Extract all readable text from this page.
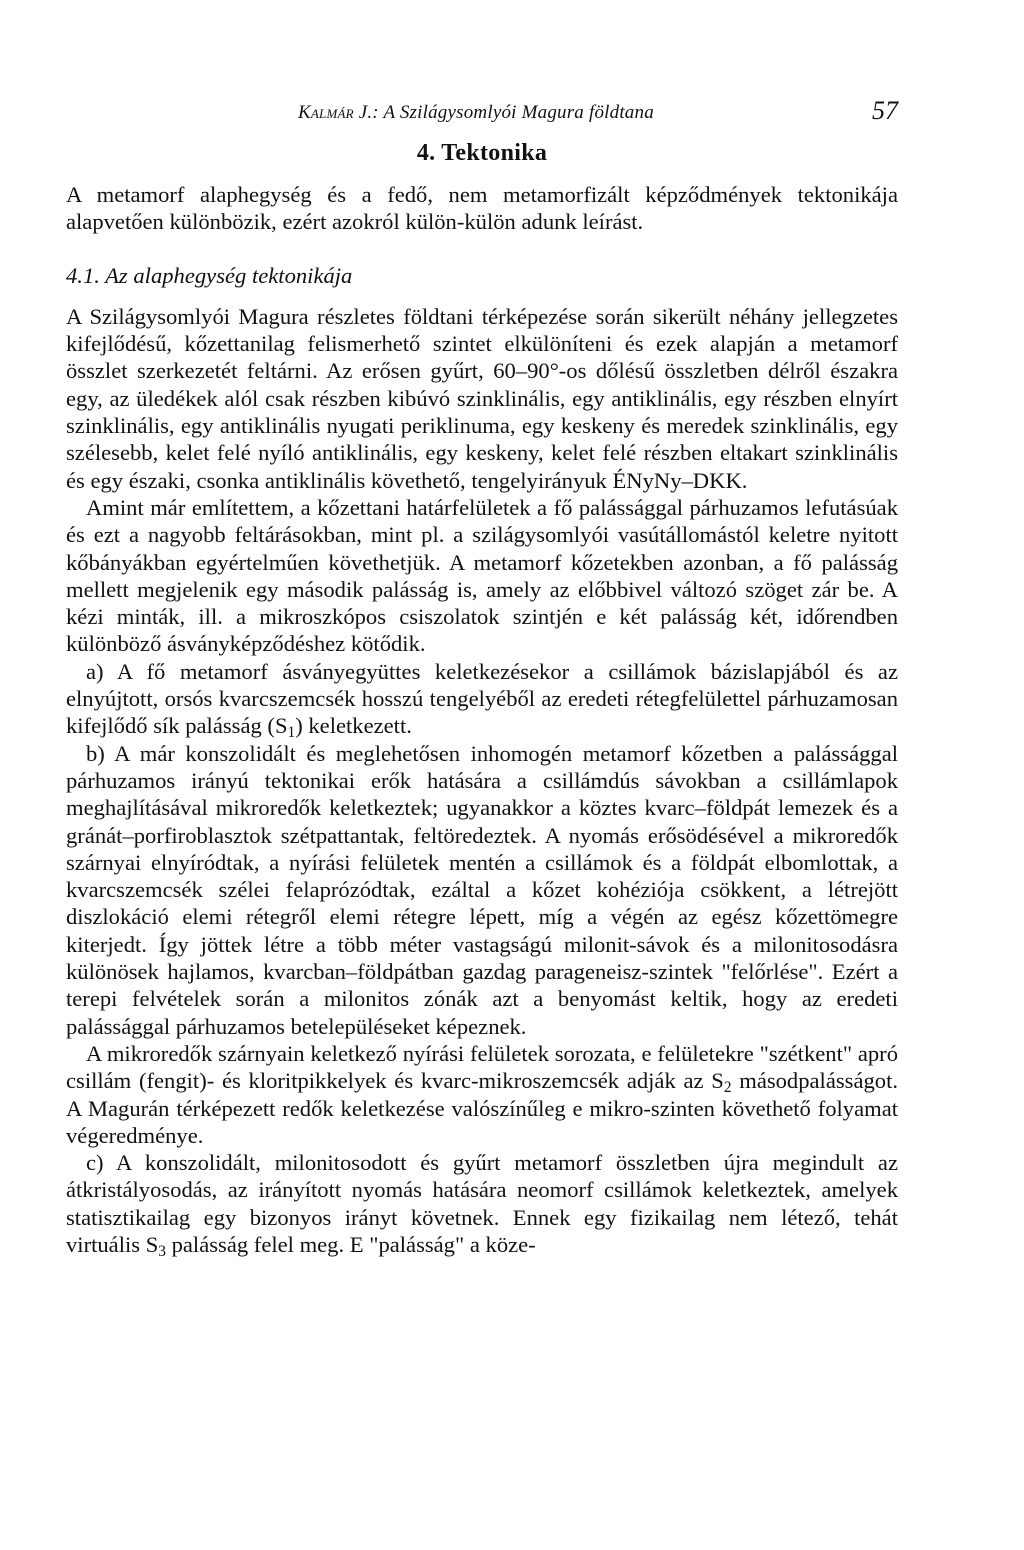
Kalmár J.: A Szilágysomlyói Magura földtana	57
4. Tektonika

A metamorf alaphegység és a fedő, nem metamorfizált képződmények tektonikája alapvetően különbözik, ezért azokról külön-külön adunk leírást.

4.1. Az alaphegység tektonikája

A Szilágysomlyói Magura részletes földtani térképezése során sikerült néhány jellegzetes kifejlődésű, kőzettanilag felismerhető szintet elkülöníteni és ezek alapján a metamorf összlet szerkezetét feltárni. Az erősen gyűrt, 60–90°-os dőlésű összletben délről északra egy, az üledékek alól csak részben kibúvó szinklinális, egy antiklinális, egy részben elnyírt szinklinális, egy antiklinális nyugati periklinuma, egy keskeny és meredek szinklinális, egy szélesebb, kelet felé nyíló antiklinális, egy keskeny, kelet felé részben eltakart szinklinális és egy északi, csonka antiklinális követhető, tengelyirányuk ÉNyNy–DKK.

Amint már említettem, a kőzettani határfelületek a fő palássággal párhuzamos lefutásúak és ezt a nagyobb feltárásokban, mint pl. a szilágysomlyói vasútállomástól keletre nyitott kőbányákban egyértelműen követhetjük. A metamorf kőzetekben azonban, a fő palásság mellett megjelenik egy második palásság is, amely az előbbivel változó szöget zár be. A kézi minták, ill. a mikroszkópos csiszolatok szintjén e két palásság két, időrendben különböző ásványképződéshez kötődik.

a) A fő metamorf ásványegyüttes keletkezésekor a csillámok bázislapjából és az elnyújtott, orsós kvarcszemcsék hosszú tengelyéből az eredeti rétegfelülettel párhuzamosan kifejlődő sík palásság $(S_1)$ keletkezett.

b) A már konszolidált és meglehetősen inhomogén metamorf kőzetben a palássággal párhuzamos irányú tektonikai erők hatására a csillámdús sávokban a csillámlapok meghajlításával mikroredők keletkeztek; ugyanakkor a köztes kvarc–földpát lemezek és a gránát–porfiroblasztok szétpattantak, feltöredeztek. A nyomás erősödésével a mikroredők szárnyai elnyíródtak, a nyírási felületek mentén a csillámok és a földpát elbomlottak, a kvarcszemcsék szélei felaprózódtak, ezáltal a kőzet kohéziója csökkent, a létrejött diszlokáció elemi rétegről elemi rétegre lépett, míg a végén az egész kőzettömegre kiterjedt. Így jöttek létre a több méter vastagságú milonit-sávok és a milonitosodásra különösek hajlamos, kvarcban–földpátban gazdag parageneisz-szintek "felőrlése". Ezért a terepi felvételek során a milonitos zónák azt a benyomást keltik, hogy az eredeti palássággal párhuzamos betelepüléseket képeznek.

A mikroredők szárnyain keletkező nyírási felületek sorozata, e felületekre "szétkent" apró csillám (fengit)- és kloritpikkelyek és kvarc-mikroszemcsék adják az $S_2$ másodpalásságot. A Magurán térképezett redők keletkezése valószínűleg e mikro-szinten követhető folyamat végeredménye.

c) A konszolidált, milonitosodott és gyűrt metamorf összletben újra megindult az átkristályosodás, az irányított nyomás hatására neomorf csillámok keletkeztek, amelyek statisztikailag egy bizonyos irányt követnek. Ennek egy fizikailag nem létező, tehát virtuális $S_3$ palásság felel meg. E "palásság" a köze-
